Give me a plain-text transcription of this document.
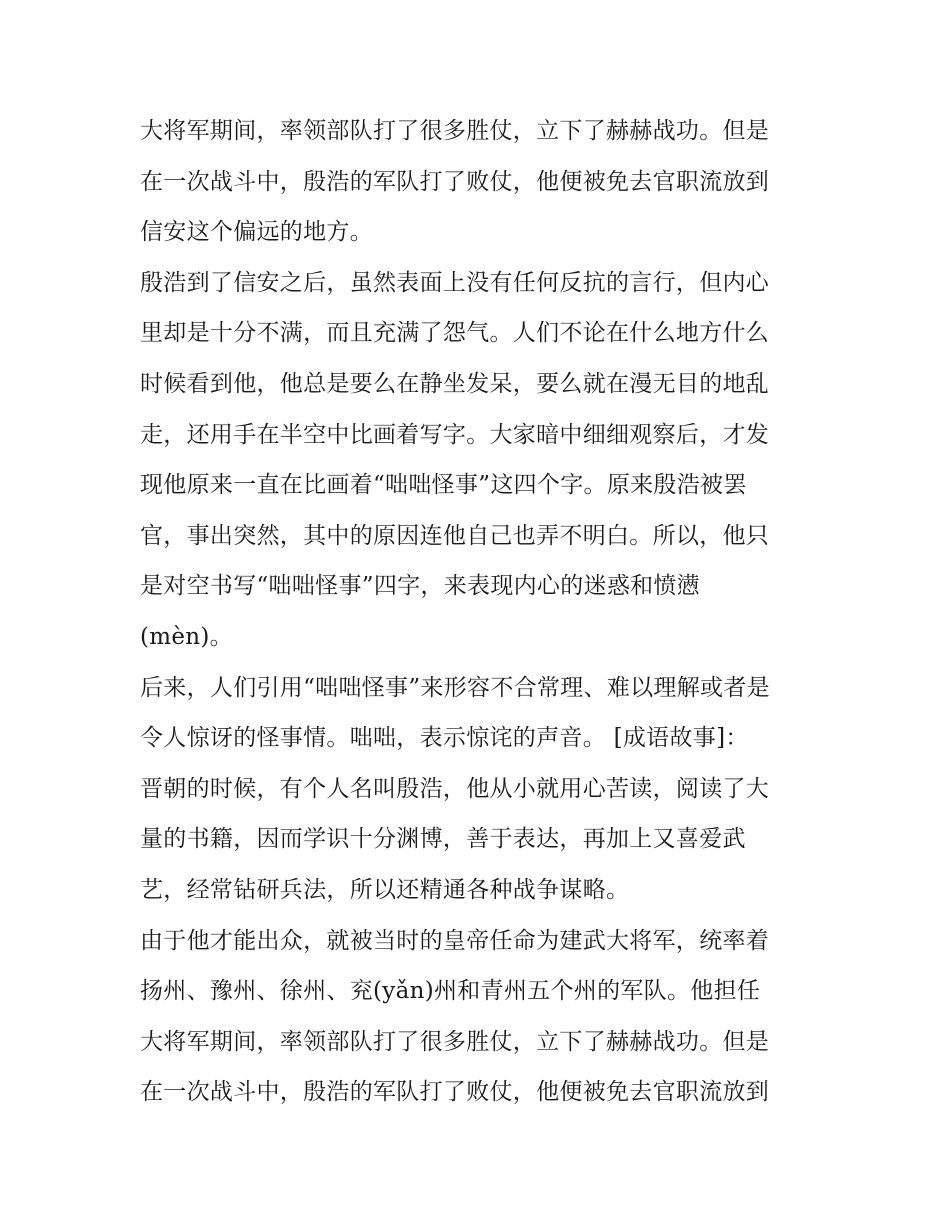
大将军期间，率领部队打了很多胜仗，立下了赫赫战功。但是
在一次战斗中，殷浩的军队打了败仗，他便被免去官职流放到
信安这个偏远的地方。
殷浩到了信安之后，虽然表面上没有任何反抗的言行，但内心
里却是十分不满，而且充满了怨气。人们不论在什么地方什么
时候看到他，他总是要么在静坐发呆，要么就在漫无目的地乱
走，还用手在半空中比画着写字。大家暗中细细观察后，才发
现他原来一直在比画着“咄咄怪事”这四个字。原来殷浩被罢
官，事出突然，其中的原因连他自己也弄不明白。所以，他只
是对空书写“咄咄怪事”四字，来表现内心的迷惑和愤懑
(mèn)。
后来，人们引用“咄咄怪事”来形容不合常理、难以理解或者是
令人惊讶的怪事情。咄咄，表示惊诧的声音。 [成语故事]：
晋朝的时候，有个人名叫殷浩，他从小就用心苦读，阅读了大
量的书籍，因而学识十分渊博，善于表达，再加上又喜爱武
艺，经常钻研兵法，所以还精通各种战争谋略。
由于他才能出众，就被当时的皇帝任命为建武大将军，统率着
扬州、豫州、徐州、兖(yǎn)州和青州五个州的军队。他担任
大将军期间，率领部队打了很多胜仗，立下了赫赫战功。但是
在一次战斗中，殷浩的军队打了败仗，他便被免去官职流放到
